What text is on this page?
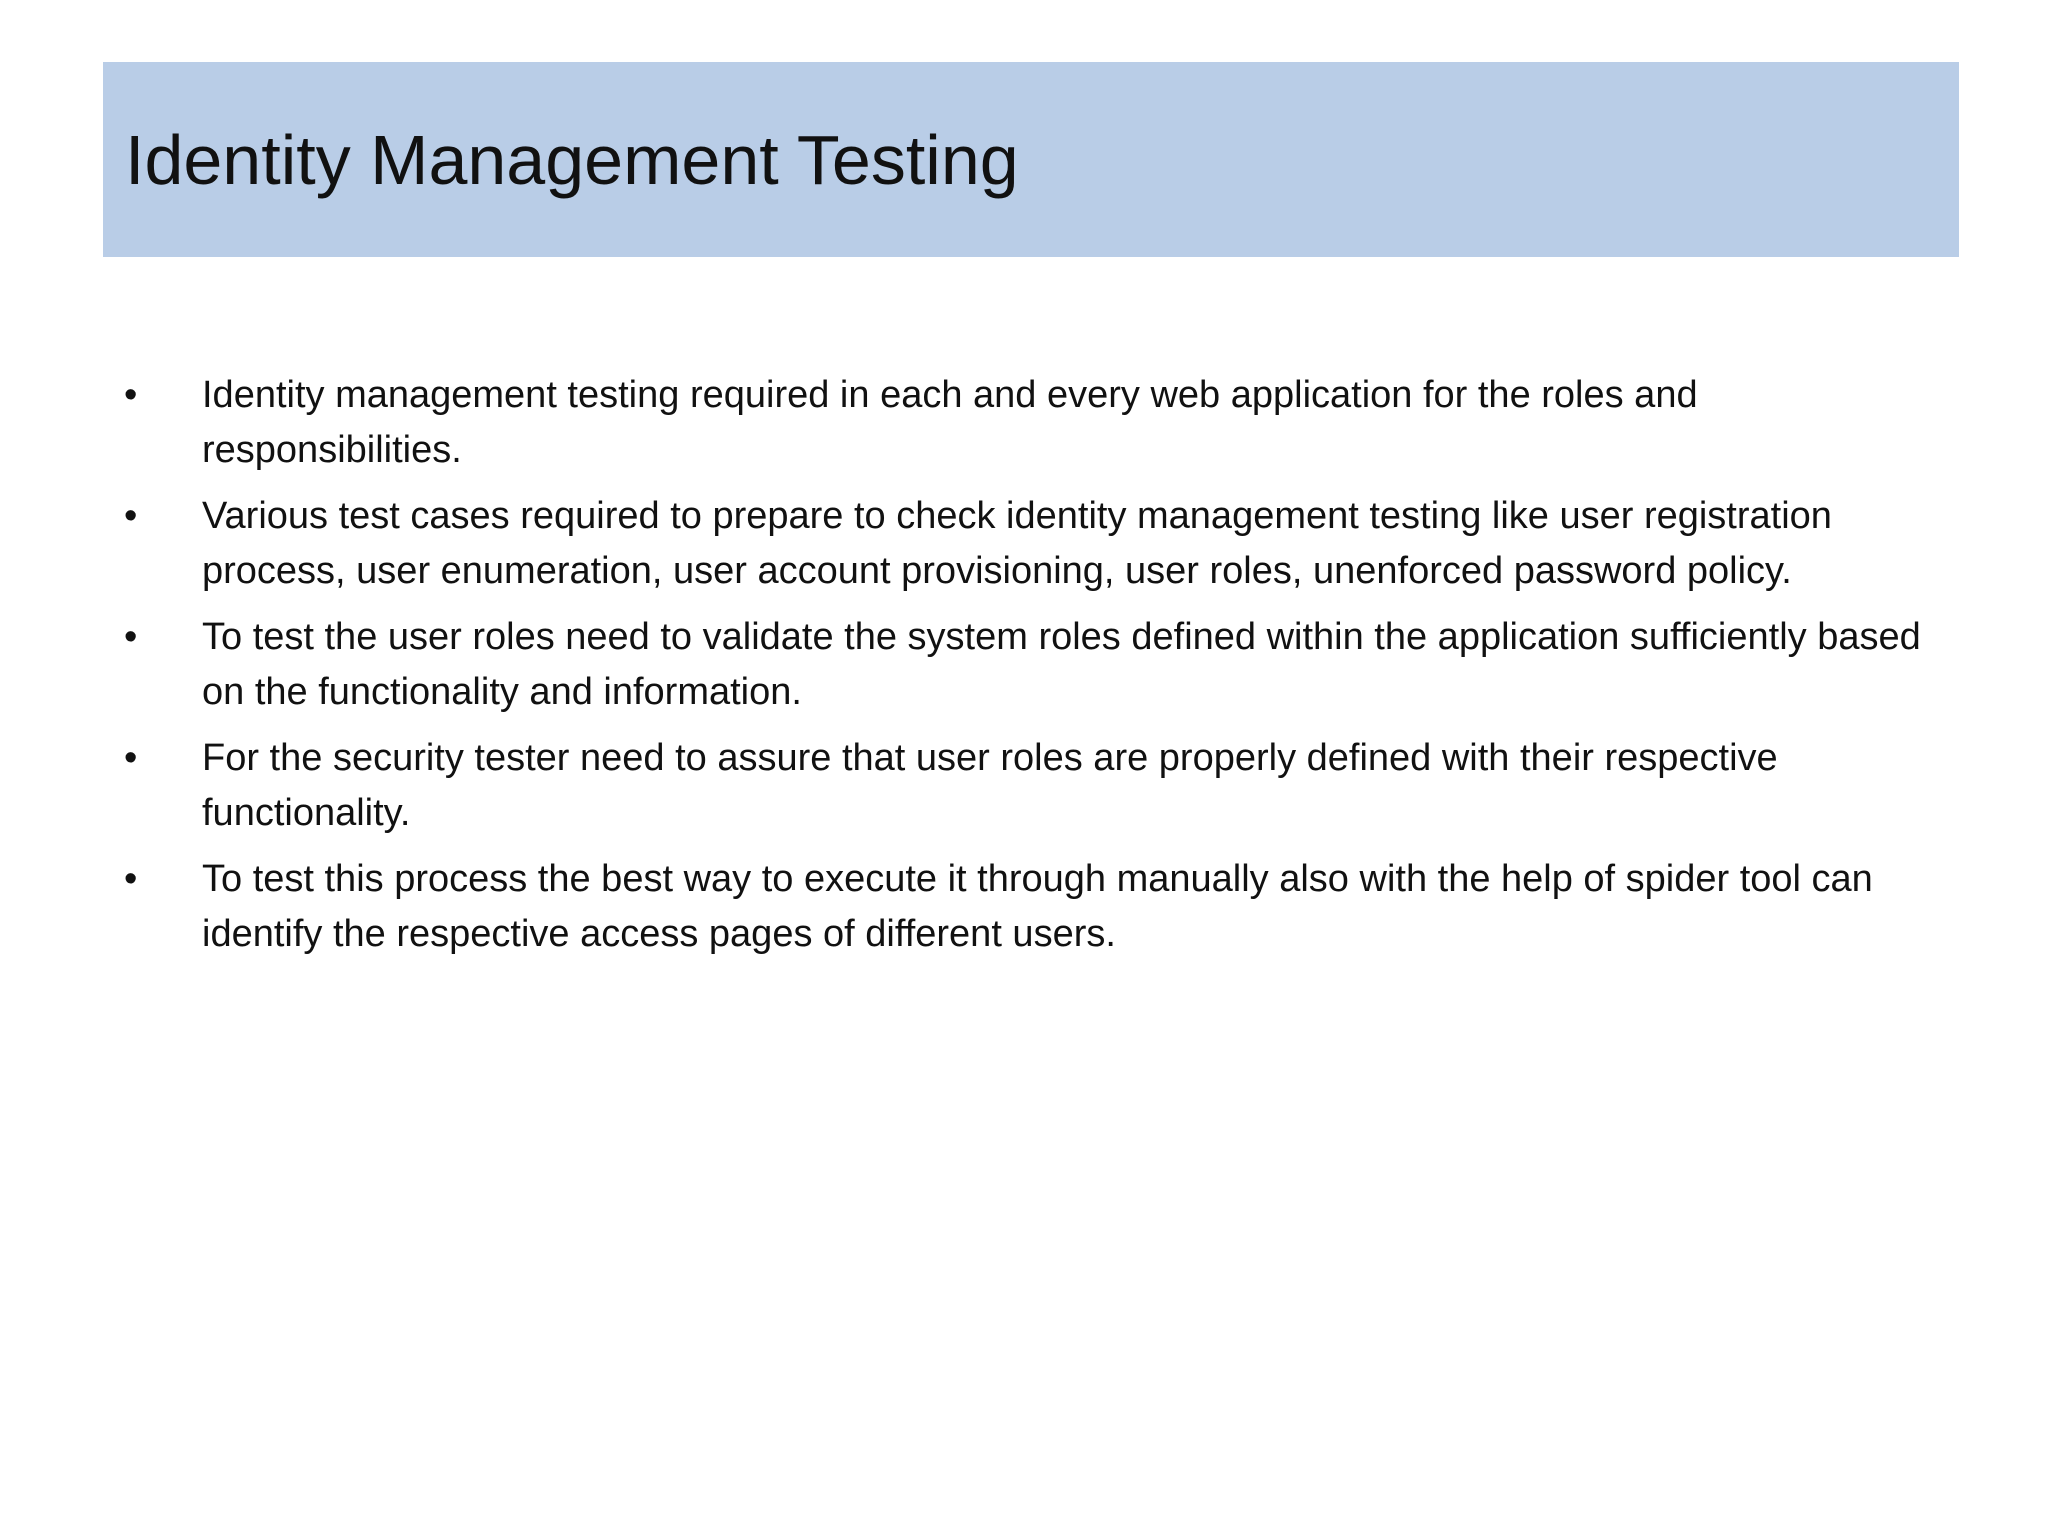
Identity Management Testing
•	Identity management testing required in each and every web application for the roles and responsibilities.
•	Various test cases required to prepare to check identity management testing like user registration process, user enumeration, user account provisioning, user roles, unenforced password policy.
•	To test the user roles need to validate the system roles defined within the application sufficiently based on the functionality and information.
•	For the security tester need to assure that user roles are properly defined with their respective functionality.
•	To test this process the best way to execute it through manually also with the help of spider tool can identify the respective access pages of different users.
